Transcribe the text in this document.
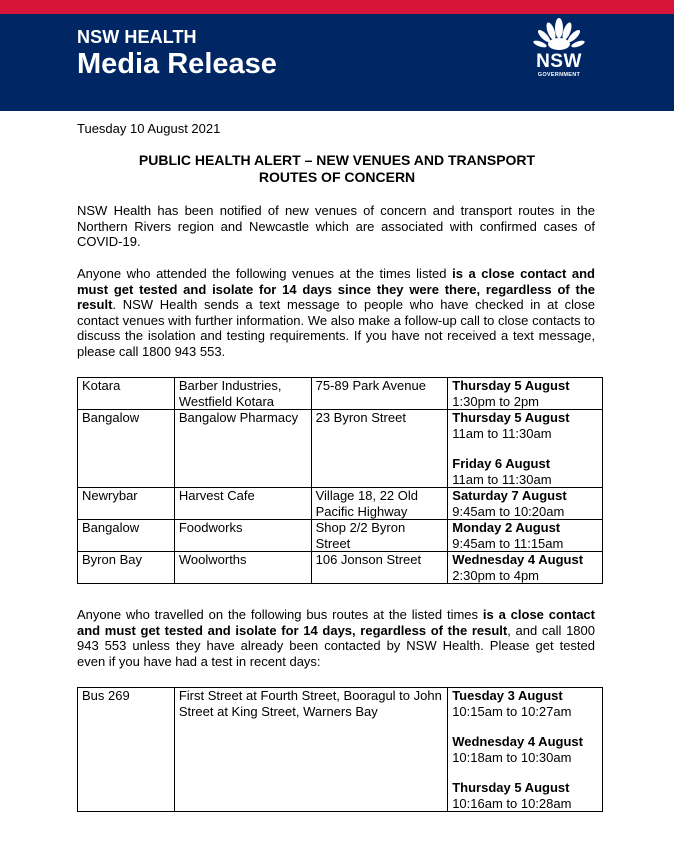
NSW HEALTH
Media Release	NSW
GOVERNMENT
Tuesday 10 August 2021
PUBLIC HEALTH ALERT – NEW VENUES AND TRANSPORT
ROUTES OF CONCERN
NSW Health has been notified of new venues of concern and transport routes in the Northern Rivers region and Newcastle which are associated with confirmed cases of COVID-19.
Anyone who attended the following venues at the times listed is a close contact and must get tested and isolate for 14 days since they were there, regardless of the result. NSW Health sends a text message to people who have checked in at close contact venues with further information. We also make a follow-up call to close contacts to discuss the isolation and testing requirements. If you have not received a text message, please call 1800 943 553.
Kotara	Barber Industries, Westfield Kotara	75-89 Park Avenue	Thursday 5 August
1:30pm to 2pm

Bangalow	Bangalow Pharmacy	23 Byron Street	Thursday 5 August
11am to 11:30am
Friday 6 August
11am to 11:30am

Newrybar	Harvest Cafe	Village 18, 22 Old Pacific Highway	Saturday 7 August
9:45am to 10:20am

Bangalow	Foodworks	Shop 2/2 Byron Street	Monday 2 August
9:45am to 11:15am

Byron Bay	Woolworths	106 Jonson Street	Wednesday 4 August
2:30pm to 4pm
Anyone who travelled on the following bus routes at the listed times is a close contact and must get tested and isolate for 14 days, regardless of the result, and call 1800 943 553 unless they have already been contacted by NSW Health. Please get tested even if you have had a test in recent days:
Bus 269	First Street at Fourth Street, Booragul to John Street at King Street, Warners Bay	
Tuesday 3 August
10:15am to 10:27am
Wednesday 4 August
10:18am to 10:30am
Thursday 5 August
10:16am to 10:28am
